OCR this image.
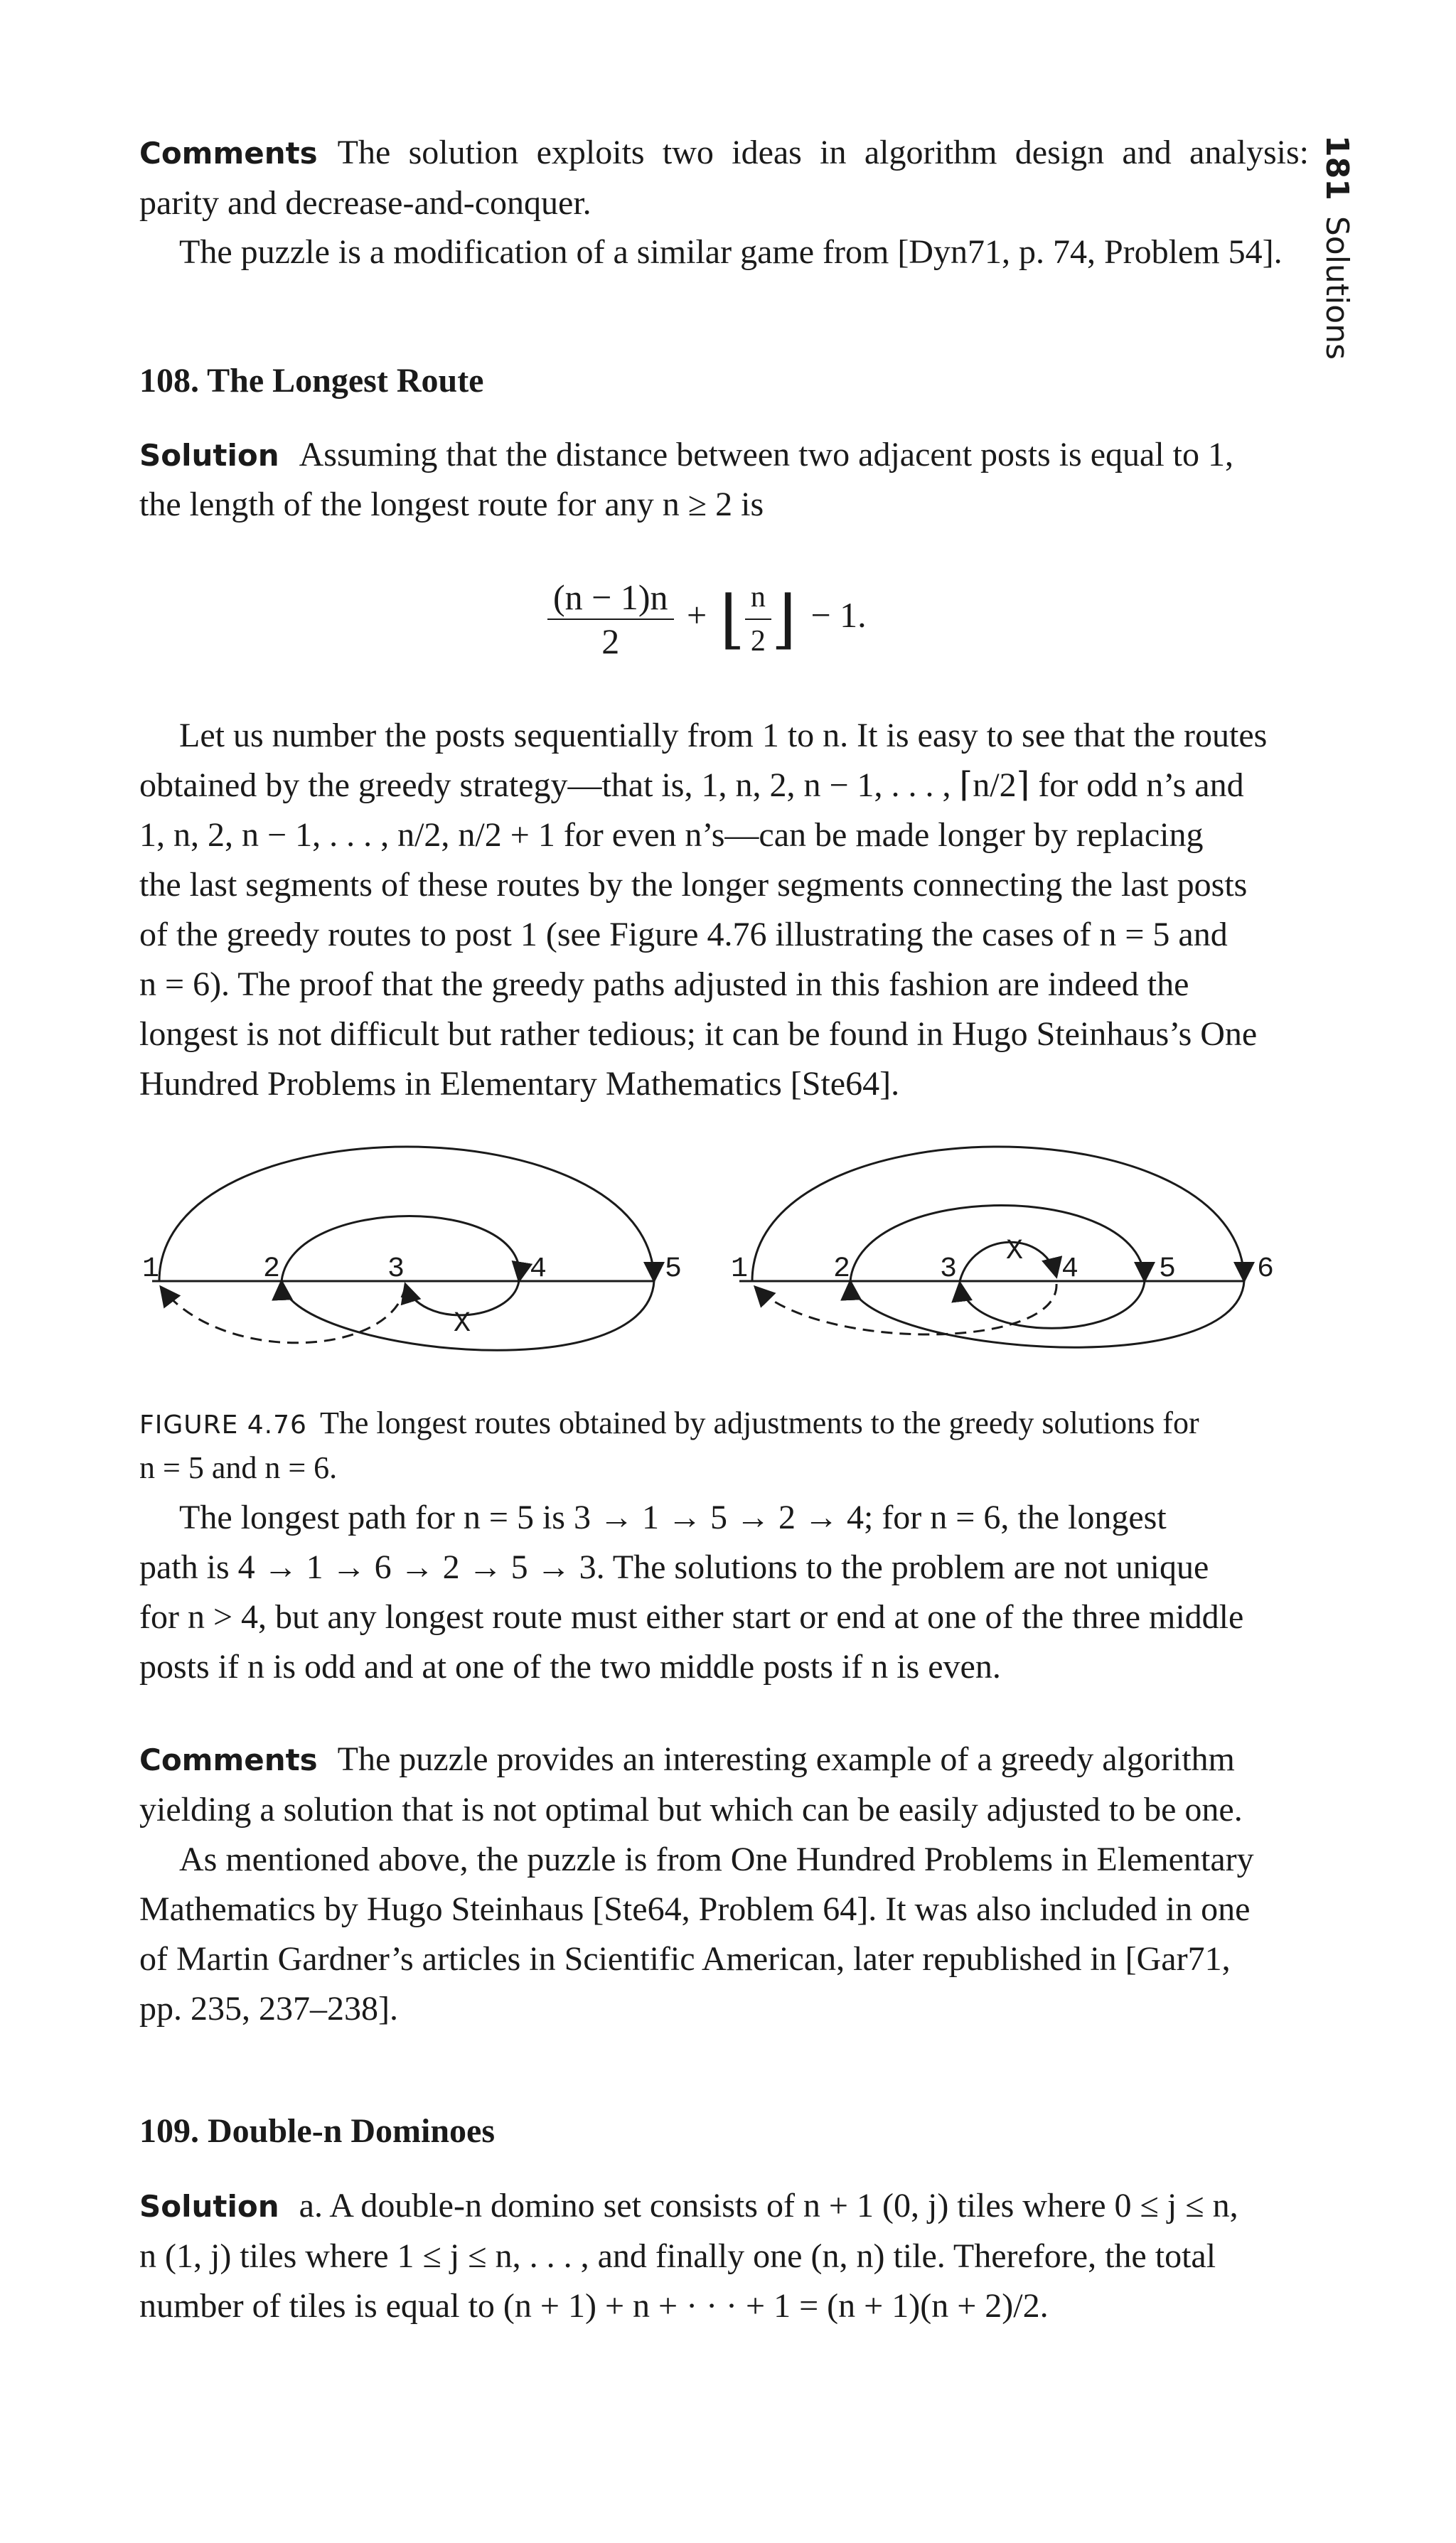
181Solutions
Comments The solution exploits two ideas in algorithm design and analysis: parity and decrease-and-conquer.
The puzzle is a modification of a similar game from [Dyn71, p. 74, Problem 54].
108. The Longest Route
Solution Assuming that the distance between two adjacent posts is equal to 1,
the length of the longest route for any n ≥ 2 is
$\frac{(n - 1)n}{2}$ + ⌊ $\frac{n}{2}$ ⌋ − 1.
Let us number the posts sequentially from 1 to n. It is easy to see that the routes
obtained by the greedy strategy—that is, 1, n, 2, n − 1, . . . , ⌈n/2⌉ for odd n’s and
1, n, 2, n − 1, . . . , n/2, n/2 + 1 for even n’s—can be made longer by replacing
the last segments of these routes by the longer segments connecting the last posts
of the greedy routes to post 1 (see Figure 4.76 illustrating the cases of n = 5 and
n = 6). The proof that the greedy paths adjusted in this fashion are indeed the
longest is not difficult but rather tedious; it can be found in Hugo Steinhaus’s One
Hundred Problems in Elementary Mathematics [Ste64].
1	2	3	4	5
X
1	2	3	4	5	6
X
FIGURE 4.76 The longest routes obtained by adjustments to the greedy solutions for
n = 5 and n = 6.
The longest path for n = 5 is 3 → 1 → 5 → 2 → 4; for n = 6, the longest
path is 4 → 1 → 6 → 2 → 5 → 3. The solutions to the problem are not unique
for n > 4, but any longest route must either start or end at one of the three middle
posts if n is odd and at one of the two middle posts if n is even.
Comments The puzzle provides an interesting example of a greedy algorithm
yielding a solution that is not optimal but which can be easily adjusted to be one.
As mentioned above, the puzzle is from One Hundred Problems in Elementary
Mathematics by Hugo Steinhaus [Ste64, Problem 64]. It was also included in one
of Martin Gardner’s articles in Scientific American, later republished in [Gar71,
pp. 235, 237–238].
109. Double-n Dominoes
Solution a. A double-n domino set consists of n + 1 (0, j) tiles where 0 ≤ j ≤ n,
n (1, j) tiles where 1 ≤ j ≤ n, . . . , and finally one (n, n) tile. Therefore, the total
number of tiles is equal to (n + 1) + n + · · · + 1 = (n + 1)(n + 2)/2.
